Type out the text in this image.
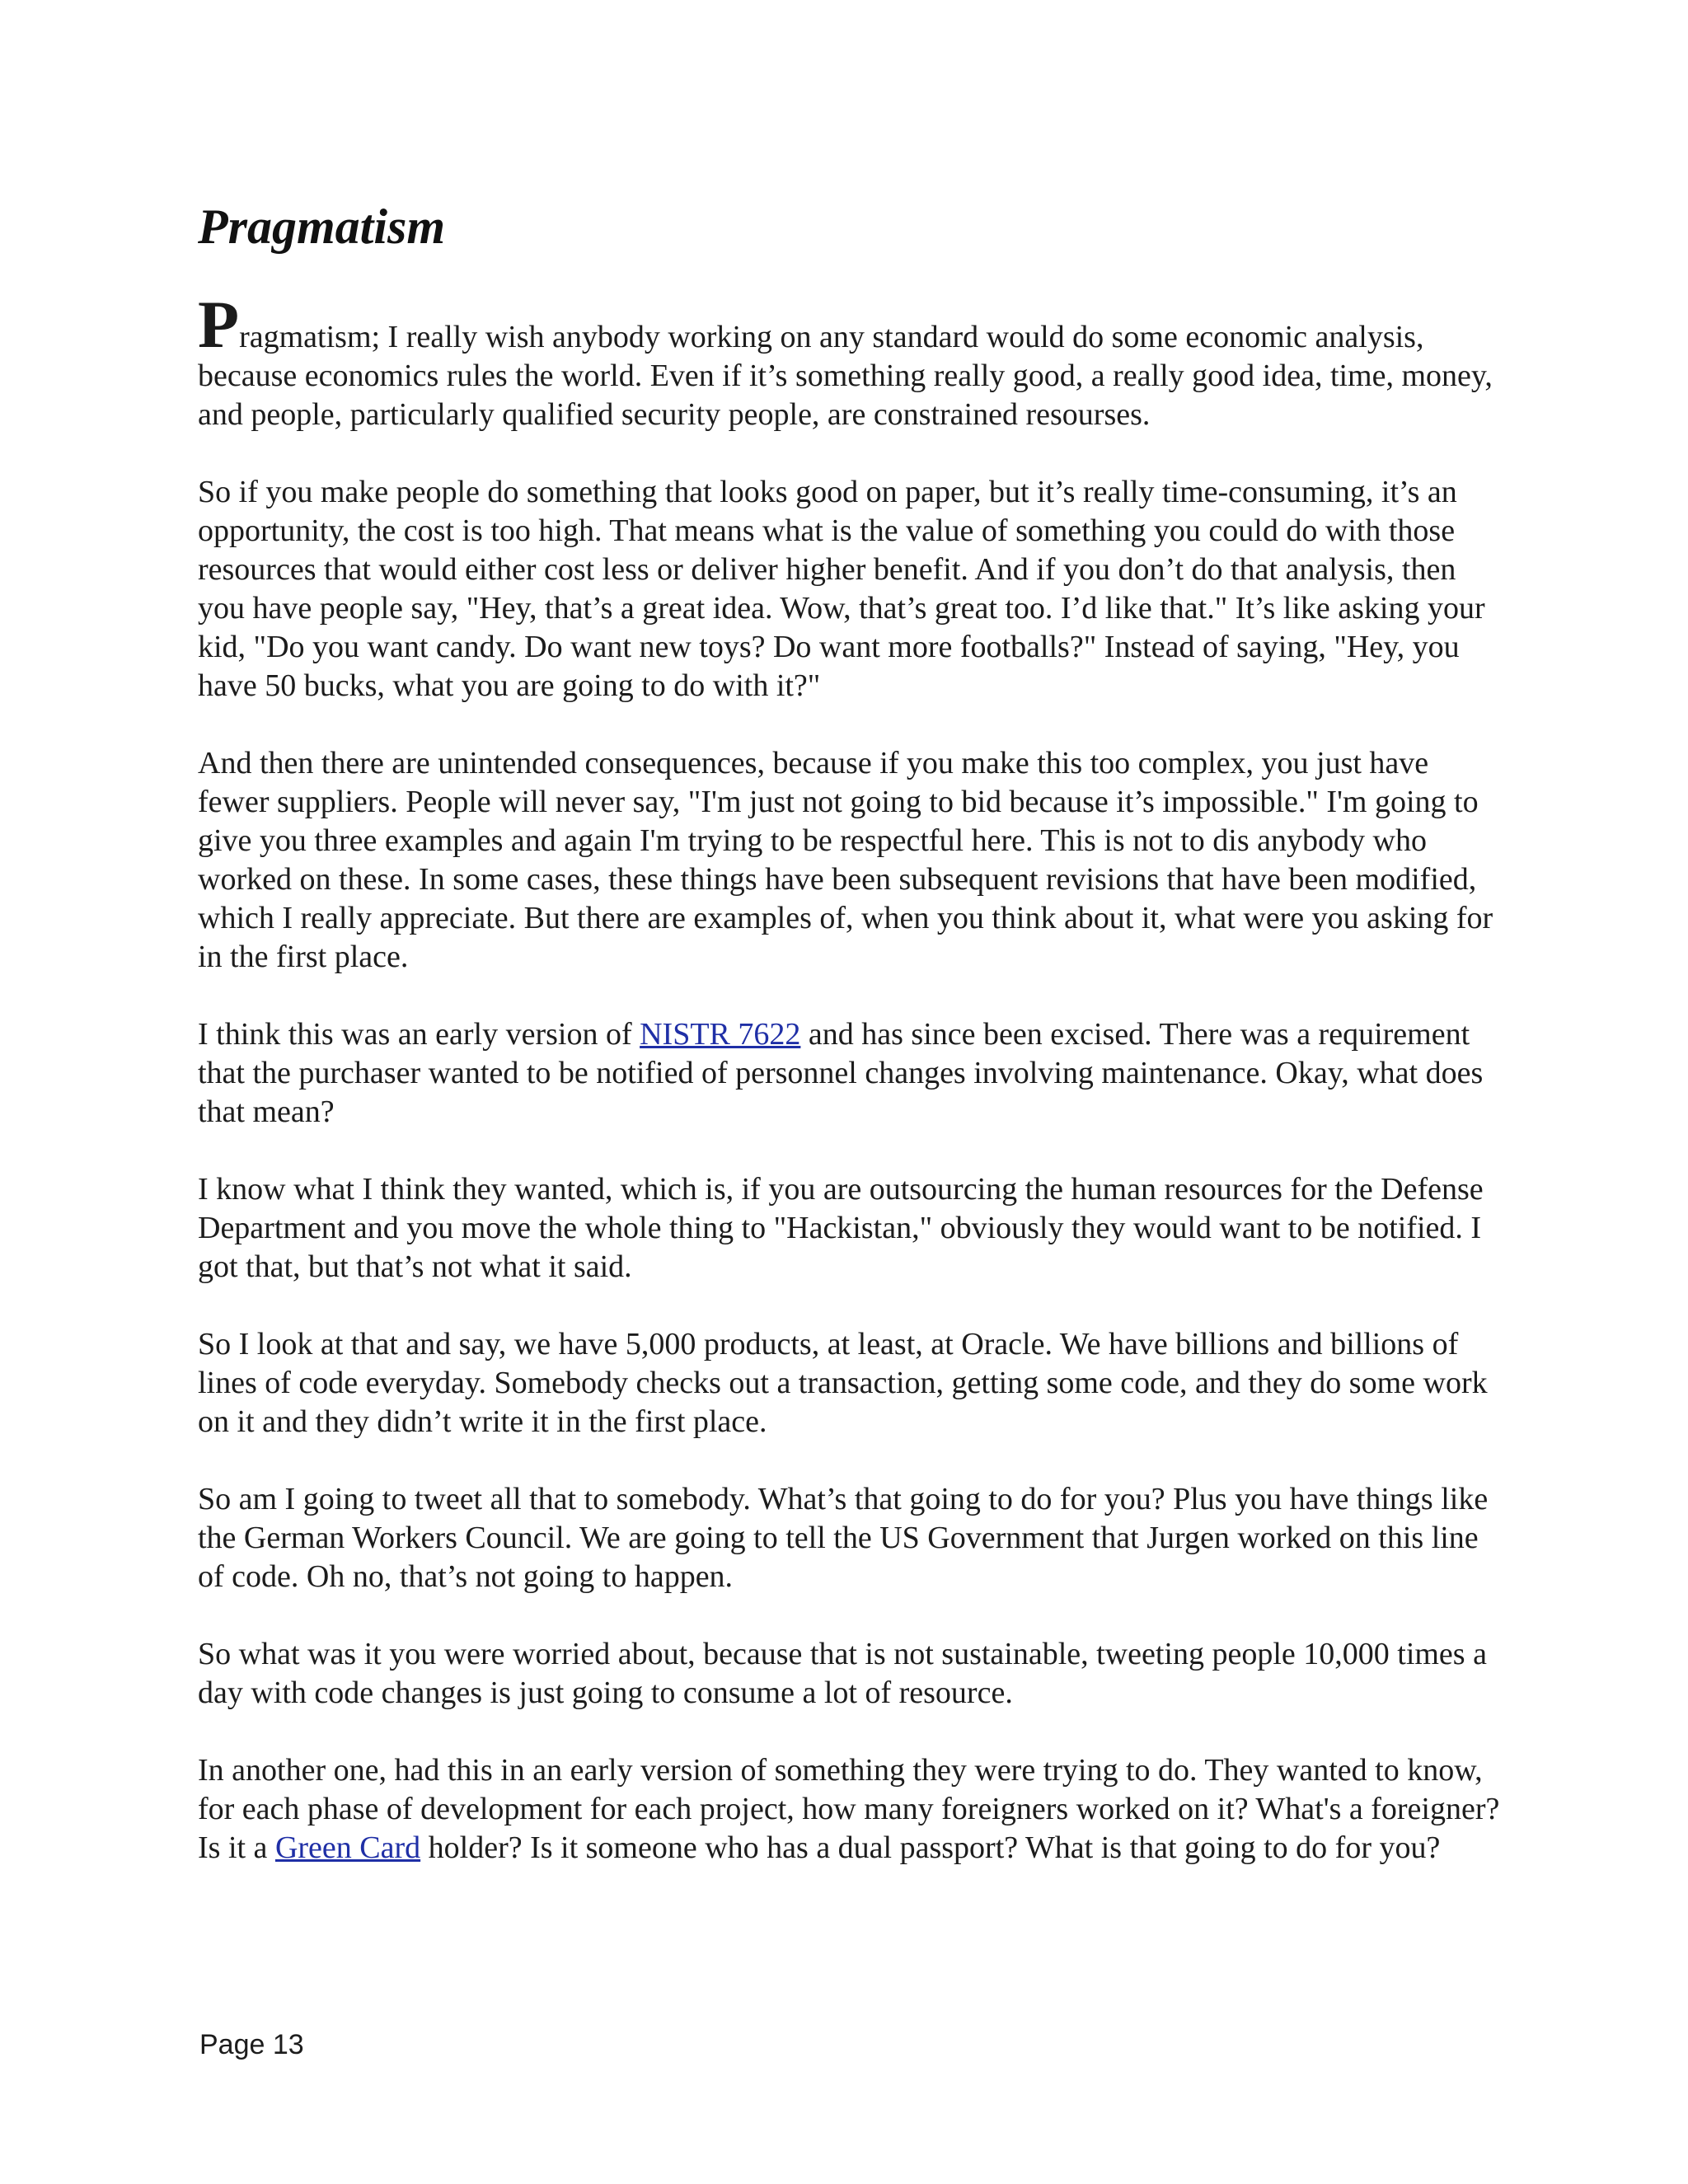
Pragmatism

Pragmatism; I really wish anybody working on any standard would do some economic analysis, because economics rules the world. Even if it’s something really good, a really good idea, time, money, and people, particularly qualified security people, are constrained resourses.

So if you make people do something that looks good on paper, but it’s really time-consuming, it’s an opportunity, the cost is too high. That means what is the value of something you could do with those resources that would either cost less or deliver higher benefit. And if you don’t do that analysis, then you have people say, "Hey, that’s a great idea. Wow, that’s great too. I’d like that." It’s like asking your kid, "Do you want candy. Do want new toys? Do want more footballs?" Instead of saying, "Hey, you have 50 bucks, what you are going to do with it?"

And then there are unintended consequences, because if you make this too complex, you just have fewer suppliers. People will never say, "I'm just not going to bid because it’s impossible." I'm going to give you three examples and again I'm trying to be respectful here. This is not to dis anybody who worked on these. In some cases, these things have been subsequent revisions that have been modified, which I really appreciate. But there are examples of, when you think about it, what were you asking for in the first place.

I think this was an early version of NISTR 7622 and has since been excised. There was a requirement that the purchaser wanted to be notified of personnel changes involving maintenance. Okay, what does that mean?

I know what I think they wanted, which is, if you are outsourcing the human resources for the Defense Department and you move the whole thing to "Hackistan," obviously they would want to be notified. I got that, but that’s not what it said.

So I look at that and say, we have 5,000 products, at least, at Oracle. We have billions and billions of lines of code everyday. Somebody checks out a transaction, getting some code, and they do some work on it and they didn’t write it in the first place.

So am I going to tweet all that to somebody. What’s that going to do for you? Plus you have things like the German Workers Council. We are going to tell the US Government that Jurgen worked on this line of code. Oh no, that’s not going to happen.

So what was it you were worried about, because that is not sustainable, tweeting people 10,000 times a day with code changes is just going to consume a lot of resource.

In another one, had this in an early version of something they were trying to do. They wanted to know, for each phase of development for each project, how many foreigners worked on it? What's a foreigner? Is it a Green Card holder? Is it someone who has a dual passport? What is that going to do for you?

Page 13
